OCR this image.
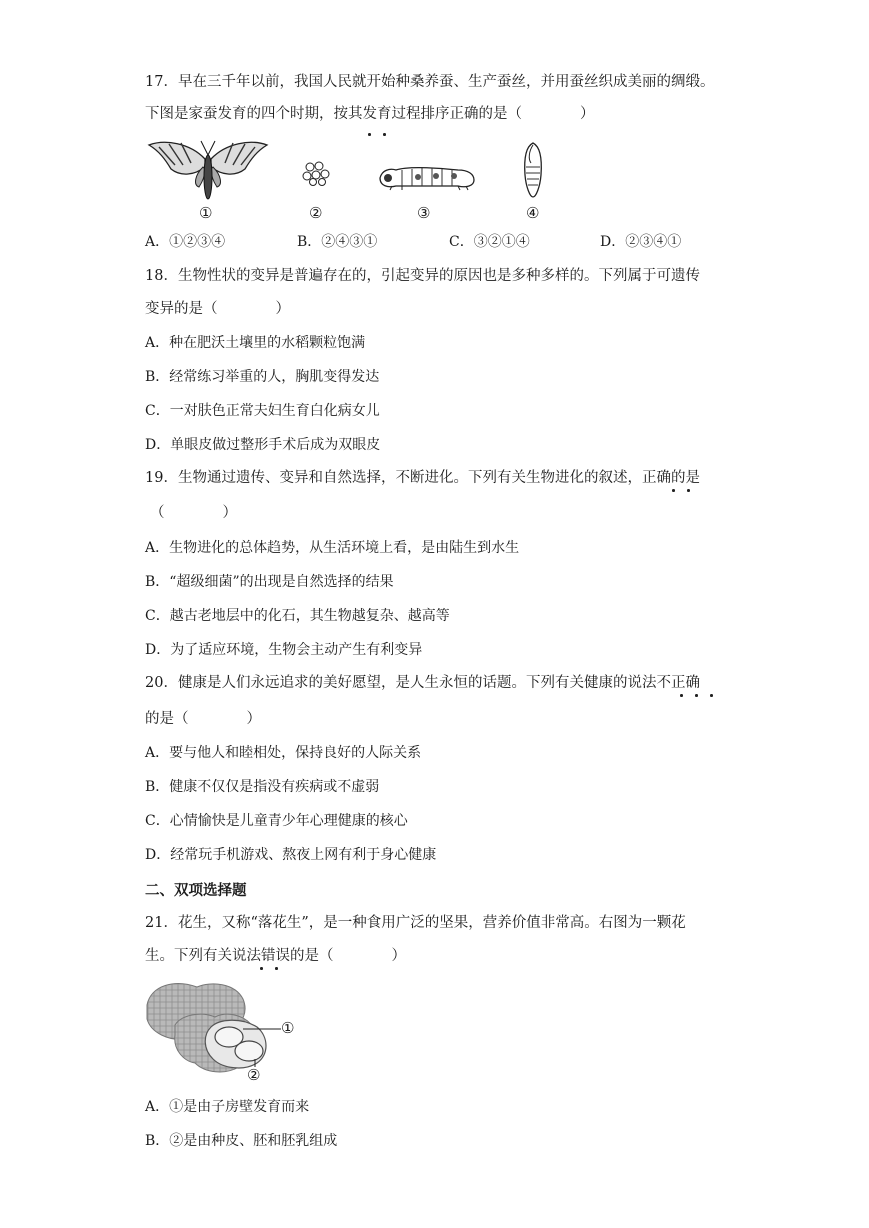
17．早在三千年以前，我国人民就开始种桑养蚕、生产蚕丝，并用蚕丝织成美丽的绸缎。
下图是家蚕发育的四个时期，按其发育过程排序正确的是（　　　　）
①	②	③	④
A．①②③④	B．②④③①	C．③②①④	D．②③④①
18．生物性状的变异是普遍存在的，引起变异的原因也是多种多样的。下列属于可遗传
变异的是（　　　　）
A．种在肥沃土壤里的水稻颗粒饱满
B．经常练习举重的人，胸肌变得发达
C．一对肤色正常夫妇生育白化病女儿
D．单眼皮做过整形手术后成为双眼皮
19．生物通过遗传、变异和自然选择，不断进化。下列有关生物进化的叙述，正确的是
（　　　　）
A．生物进化的总体趋势，从生活环境上看，是由陆生到水生
B．“超级细菌”的出现是自然选择的结果
C．越古老地层中的化石，其生物越复杂、越高等
D．为了适应环境，生物会主动产生有利变异
20．健康是人们永远追求的美好愿望，是人生永恒的话题。下列有关健康的说法不正确
的是（　　　　）
A．要与他人和睦相处，保持良好的人际关系
B．健康不仅仅是指没有疾病或不虚弱
C．心情愉快是儿童青少年心理健康的核心
D．经常玩手机游戏、熬夜上网有利于身心健康
二、双项选择题
21．花生，又称“落花生”，是一种食用广泛的坚果，营养价值非常高。右图为一颗花
生。下列有关说法错误的是（　　　　）
①
②
A．①是由子房壁发育而来
B．②是由种皮、胚和胚乳组成
